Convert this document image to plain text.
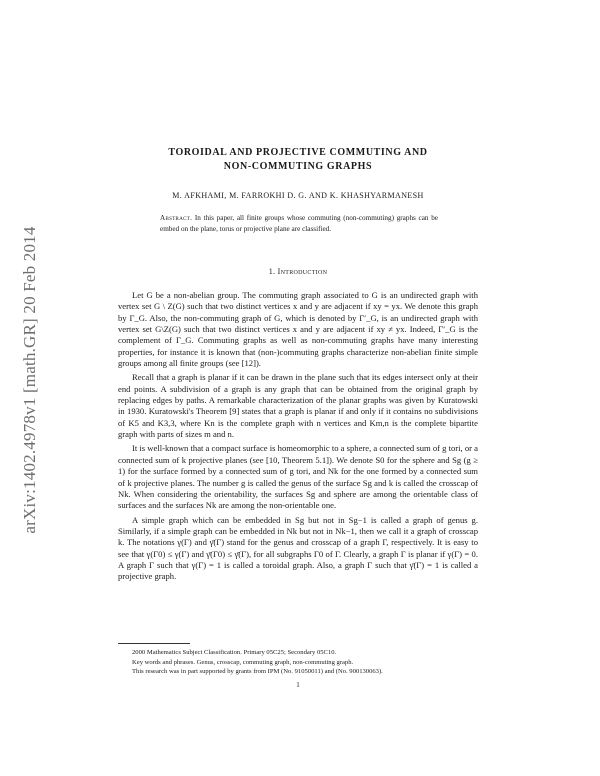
arXiv:1402.4978v1 [math.GR] 20 Feb 2014
TOROIDAL AND PROJECTIVE COMMUTING AND
NON-COMMUTING GRAPHS
M. AFKHAMI, M. FARROKHI D. G. AND K. KHASHYARMANESH
Abstract. In this paper, all finite groups whose commuting (non-commuting) graphs can be embed on the plane, torus or projective plane are classified.
1. Introduction

Let G be a non-abelian group. The commuting graph associated to G is an undirected graph with vertex set G \ Z(G) such that two distinct vertices x and y are adjacent if xy = yx. We denote this graph by Γ_G. Also, the non-commuting graph of G, which is denoted by Γ′_G, is an undirected graph with vertex set G\Z(G) such that two distinct vertices x and y are adjacent if xy ≠ yx. Indeed, Γ′_G is the complement of Γ_G. Commuting graphs as well as non-commuting graphs have many interesting properties, for instance it is known that (non-)commuting graphs characterize non-abelian finite simple groups among all finite groups (see [12]).

Recall that a graph is planar if it can be drawn in the plane such that its edges intersect only at their end points. A subdivision of a graph is any graph that can be obtained from the original graph by replacing edges by paths. A remarkable characterization of the planar graphs was given by Kuratowski in 1930. Kuratowski's Theorem [9] states that a graph is planar if and only if it contains no subdivisions of K5 and K3,3, where Kn is the complete graph with n vertices and Km,n is the complete bipartite graph with parts of sizes m and n.

It is well-known that a compact surface is homeomorphic to a sphere, a connected sum of g tori, or a connected sum of k projective planes (see [10, Theorem 5.1]). We denote S0 for the sphere and Sg (g ≥ 1) for the surface formed by a connected sum of g tori, and Nk for the one formed by a connected sum of k projective planes. The number g is called the genus of the surface Sg and k is called the crosscap of Nk. When considering the orientability, the surfaces Sg and sphere are among the orientable class of surfaces and the surfaces Nk are among the non-orientable one.

A simple graph which can be embedded in Sg but not in Sg−1 is called a graph of genus g. Similarly, if a simple graph can be embedded in Nk but not in Nk−1, then we call it a graph of crosscap k. The notations γ(Γ) and γ̄(Γ) stand for the genus and crosscap of a graph Γ, respectively. It is easy to see that γ(Γ0) ≤ γ(Γ) and γ̄(Γ0) ≤ γ̄(Γ), for all subgraphs Γ0 of Γ. Clearly, a graph Γ is planar if γ(Γ) = 0. A graph Γ such that γ(Γ) = 1 is called a toroidal graph. Also, a graph Γ such that γ̄(Γ) = 1 is called a projective graph.

2000 Mathematics Subject Classification. Primary 05C25; Secondary 05C10.
Key words and phrases. Genus, crosscap, commuting graph, non-commuting graph.
This research was in part supported by grants from IPM (No. 91050011) and (No. 900130063).
1
